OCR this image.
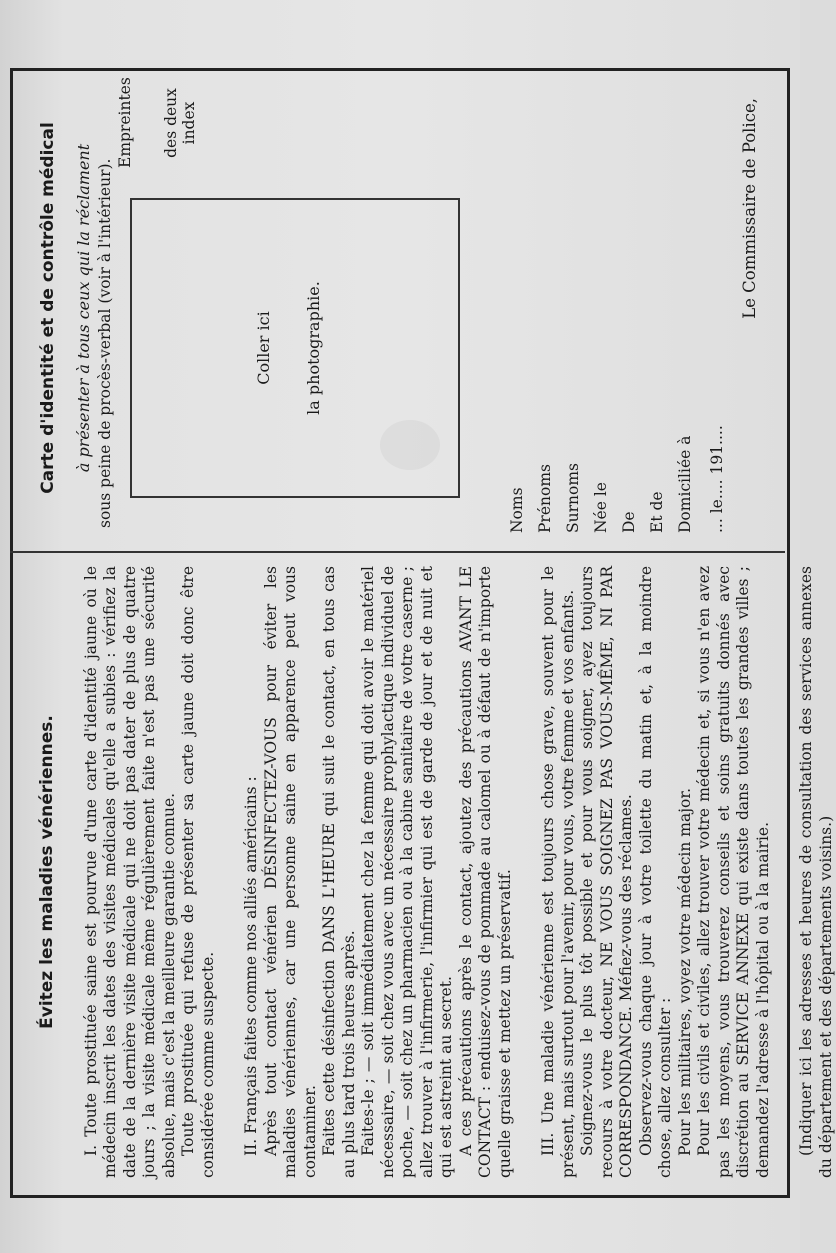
Évitez les maladies vénériennes. I. Toute prostituée saine est pourvue d'une carte d'identité jaune où le médecin inscrit les dates des visites médicales qu'elle a subies : vérifiez la date de la dernière visite médicale qui ne doit pas dater de plus de quatre jours ; la visite médicale même régulièrement faite n'est pas une sécurité absolue, mais c'est la meilleure garantie connue. Toute prostituée qui refuse de présenter sa carte jaune doit donc être considérée comme suspecte. II. Français faites comme nos alliés américains : Après tout contact vénérien DÉSINFECTEZ-VOUS pour éviter les maladies vénériennes, car une personne saine en apparence peut vous contaminer. Faites cette désinfection DANS L'HEURE qui suit le contact, en tous cas au plus tard trois heures après. Faites-le ; — soit immédiatement chez la femme qui doit avoir le matériel nécessaire, — soit chez vous avec un nécessaire prophylactique individuel de poche, — soit chez un pharmacien ou à la cabine sanitaire de votre caserne ; allez trouver à l'infirmerie, l'infirmier qui est de garde de jour et de nuit et qui est astreint au secret. A ces précautions après le contact, ajoutez des précautions AVANT LE CONTACT : enduisez-vous de pommade au calomel ou à défaut de n'importe quelle graisse et mettez un préservatif. III. Une maladie vénérienne est toujours chose grave, souvent pour le présent, mais surtout pour l'avenir, pour vous, votre femme et vos enfants. Soignez-vous le plus tôt possible et pour vous soigner, ayez toujours recours à votre docteur, NE VOUS SOIGNEZ PAS VOUS-MÊME, NI PAR CORRESPONDANCE. Méfiez-vous des réclames. Observez-vous chaque jour à votre toilette du matin et, à la moindre chose, allez consulter : Pour les militaires, voyez votre médecin major. Pour les civils et civiles, allez trouver votre médecin et, si vous n'en avez pas les moyens, vous trouverez conseils et soins gratuits donnés avec discrétion au SERVICE ANNEXE qui existe dans toutes les grandes villes ; demandez l'adresse à l'hôpital ou à la mairie. (Indiquer ici les adresses et heures de consultation des services annexes du département et des départements voisins.)

Carte d'identité et de contrôle médical à présenter à tous ceux qui la réclament sous peine de procès-verbal (voir à l'intérieur).	Coller ici la photographie.
Empreintes des deux index
Noms Prénoms Surnoms Née le De Et de Domiciliée à ... le.... 191....
Le Commissaire de Police,
